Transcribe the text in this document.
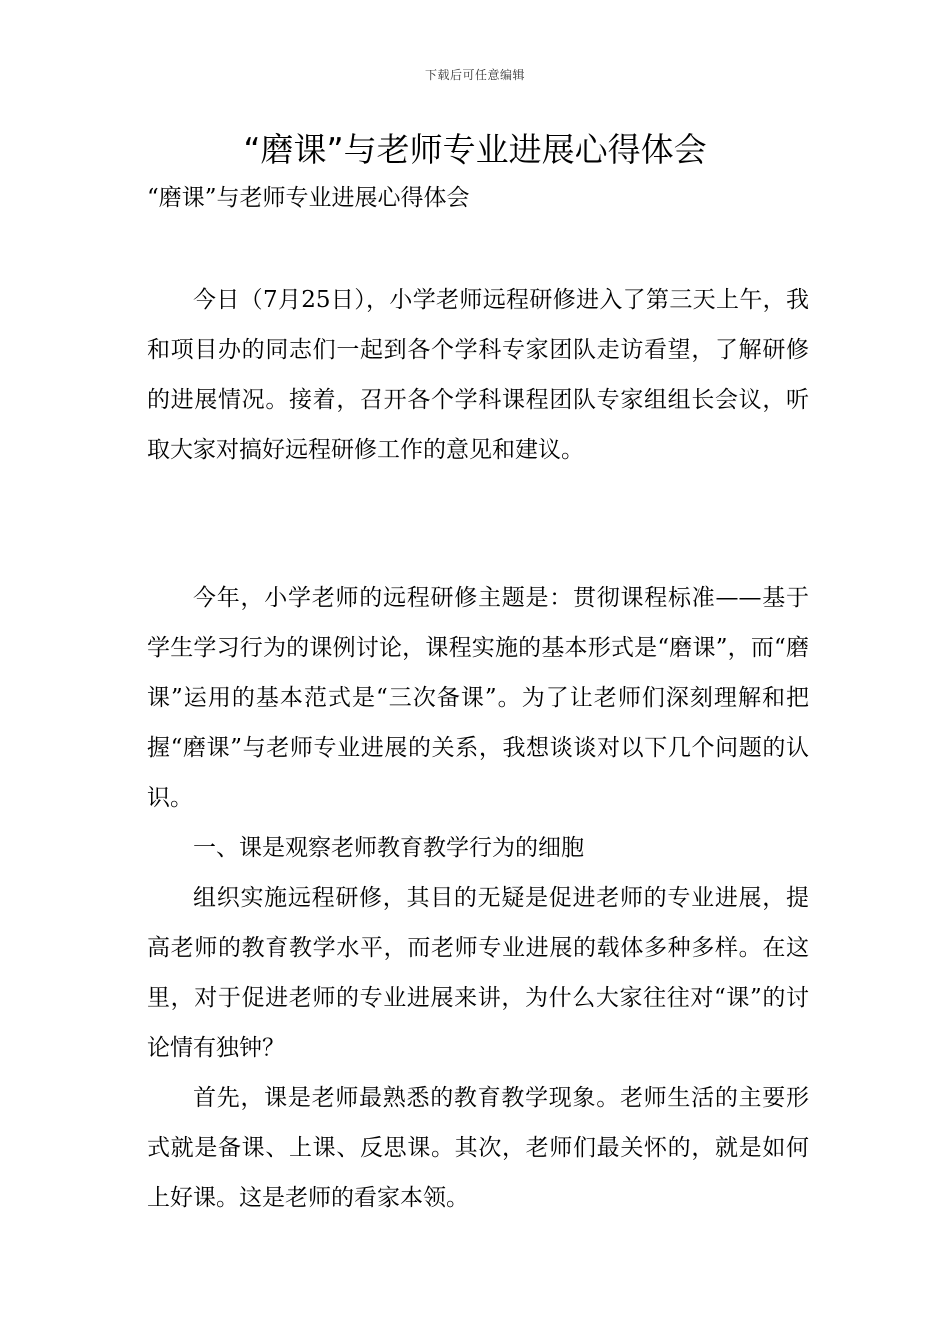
下载后可任意编辑
“磨课”与老师专业进展心得体会
“磨课”与老师专业进展心得体会

今日（7月25日），小学老师远程研修进入了第三天上午，我和项目办的同志们一起到各个学科专家团队走访看望，了解研修的进展情况。接着，召开各个学科课程团队专家组组长会议，听取大家对搞好远程研修工作的意见和建议。

今年，小学老师的远程研修主题是：贯彻课程标准——基于学生学习行为的课例讨论，课程实施的基本形式是“磨课”，而“磨课”运用的基本范式是“三次备课”。为了让老师们深刻理解和把握“磨课”与老师专业进展的关系，我想谈谈对以下几个问题的认识。

一、课是观察老师教育教学行为的细胞

组织实施远程研修，其目的无疑是促进老师的专业进展，提高老师的教育教学水平，而老师专业进展的载体多种多样。在这里，对于促进老师的专业进展来讲，为什么大家往往对“课”的讨论情有独钟？

首先，课是老师最熟悉的教育教学现象。老师生活的主要形式就是备课、上课、反思课。其次，老师们最关怀的，就是如何上好课。这是老师的看家本领。
